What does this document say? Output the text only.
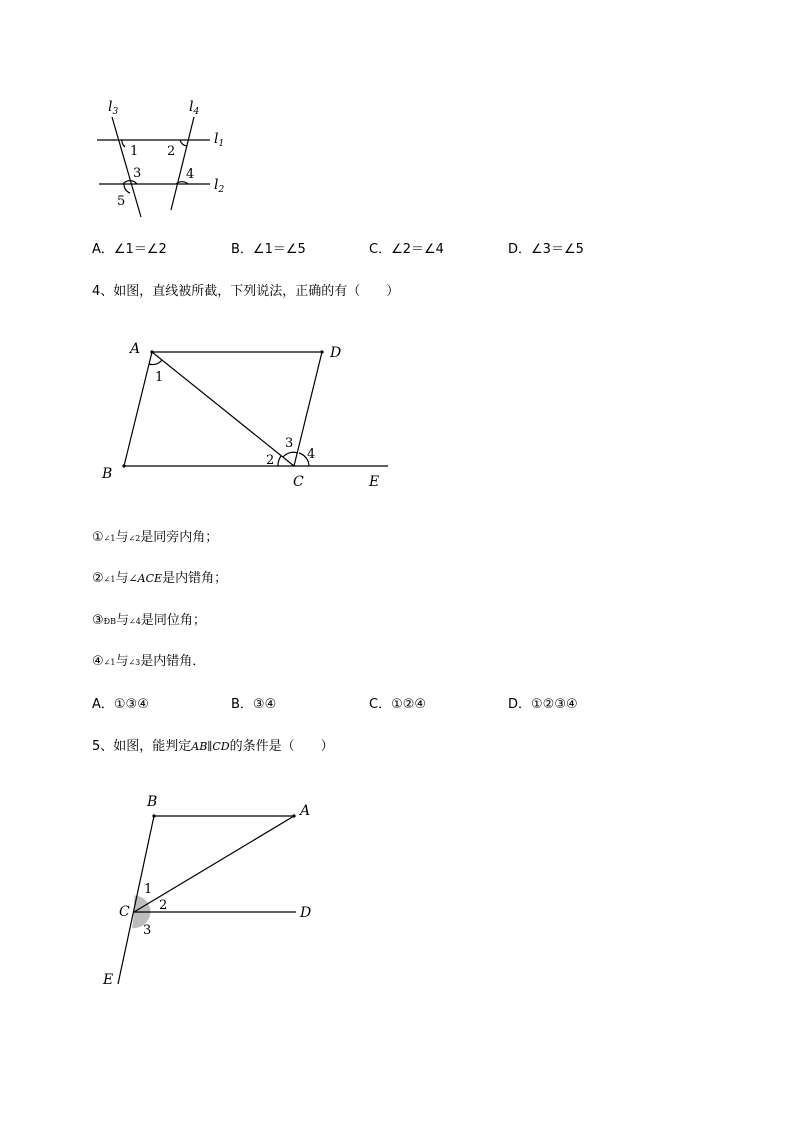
$l_3$	$l_4$
$l_1$
$l_2$
1 2
3	4
5
A	D
B	C	E
1
2
3
4
B
A
C	D
E
1
2
3
A．∠1＝∠2	B．∠1＝∠5	C．∠2＝∠4	D．∠3＝∠5
4、如图，直线被所截，下列说法，正确的有（　　）
①∠1与∠2是同旁内角；
②∠1与∠ACE是内错角；
③ÐB与∠4是同位角；
④∠1与∠3是内错角．
A．①③④	B．③④	C．①②④	D．①②③④
5、如图，能判定AB∥CD的条件是（　　）
